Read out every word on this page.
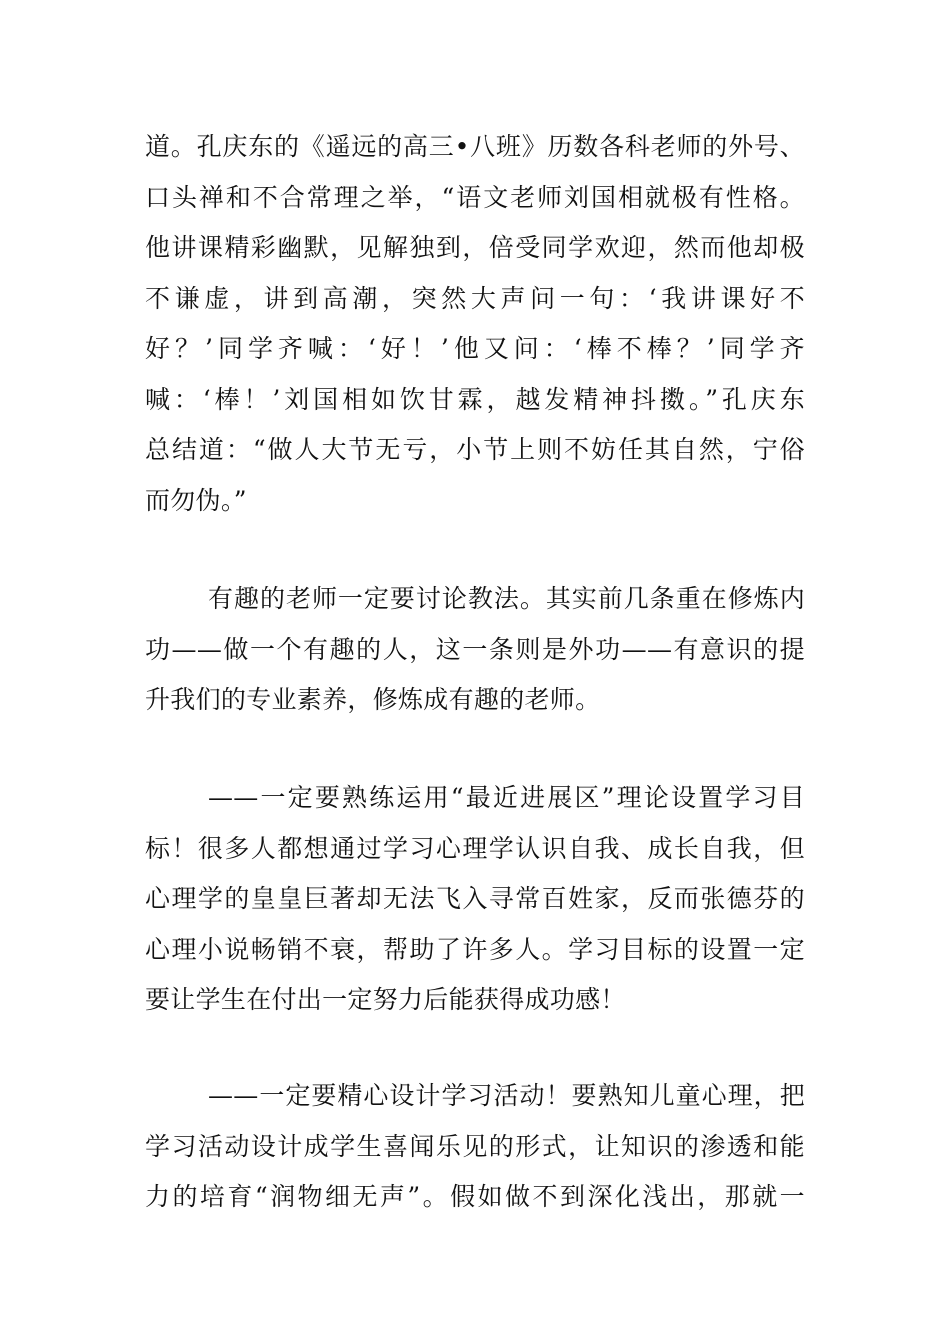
道。孔庆东的《遥远的高三•八班》历数各科老师的外号、
口头禅和不合常理之举，“语文老师刘国相就极有性格。
他讲课精彩幽默，见解独到，倍受同学欢迎，然而他却极
不谦虚，讲到高潮，突然大声问一句：‘我讲课好不
好？’同学齐喊：‘好！’他又问：‘棒不棒？’同学齐
喊：‘棒！’刘国相如饮甘霖，越发精神抖擞。”孔庆东
总结道：“做人大节无亏，小节上则不妨任其自然，宁俗
而勿伪。”
有趣的老师一定要讨论教法。其实前几条重在修炼内
功——做一个有趣的人，这一条则是外功——有意识的提
升我们的专业素养，修炼成有趣的老师。
——一定要熟练运用“最近进展区”理论设置学习目
标！很多人都想通过学习心理学认识自我、成长自我，但
心理学的皇皇巨著却无法飞入寻常百姓家，反而张德芬的
心理小说畅销不衰，帮助了许多人。学习目标的设置一定
要让学生在付出一定努力后能获得成功感！
——一定要精心设计学习活动！要熟知儿童心理，把
学习活动设计成学生喜闻乐见的形式，让知识的渗透和能
力的培育“润物细无声”。假如做不到深化浅出，那就一
